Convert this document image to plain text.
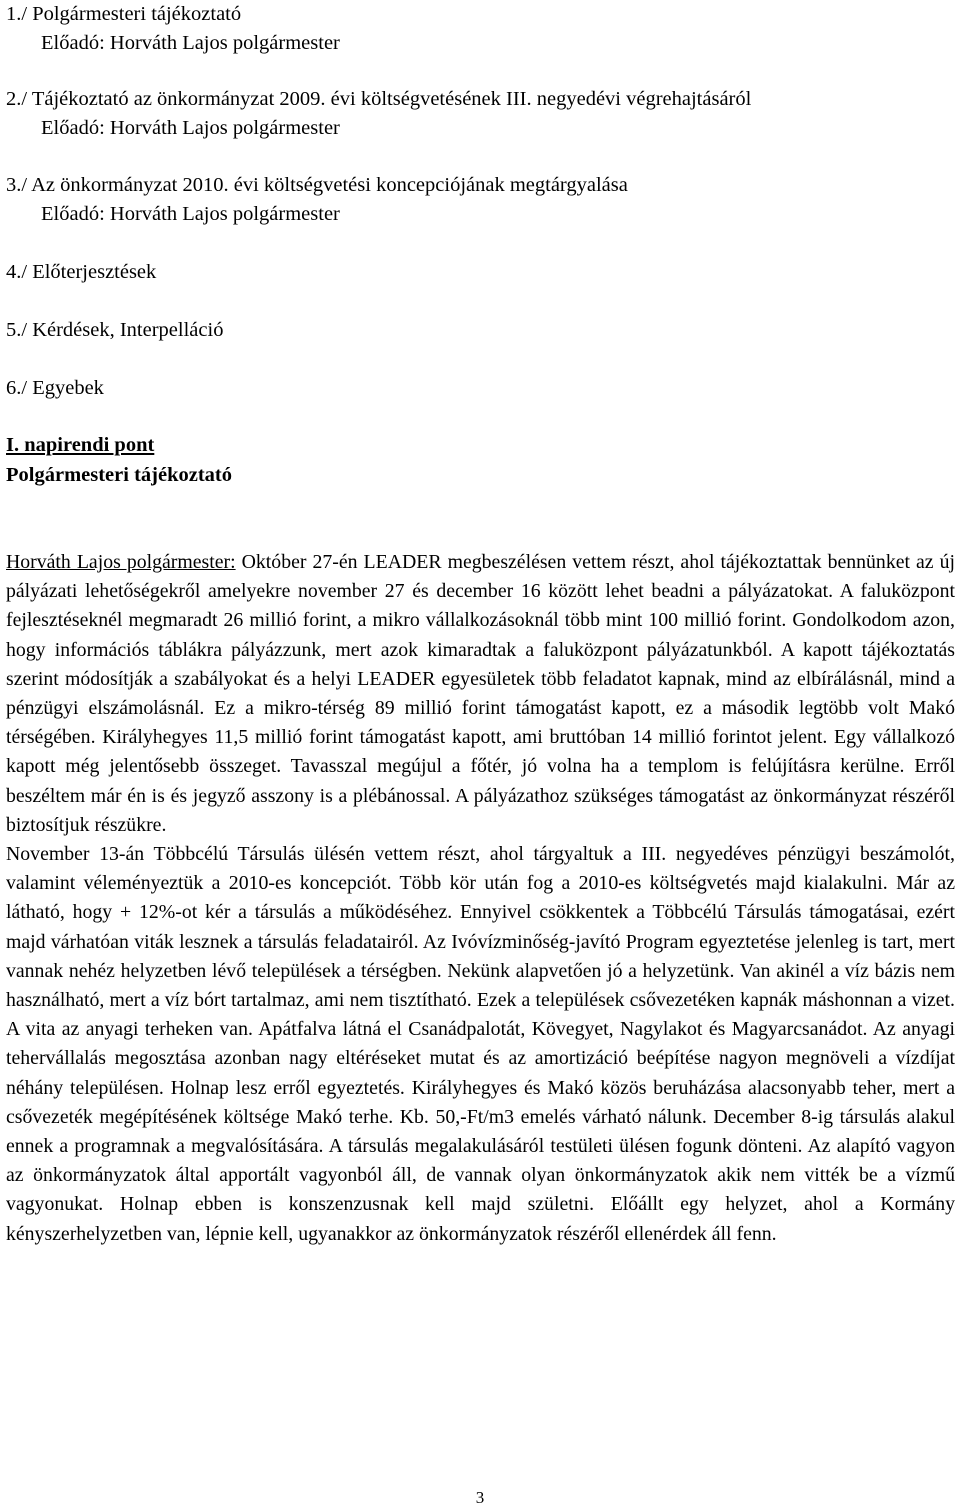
1./ Polgármesteri tájékoztató
Előadó: Horváth Lajos polgármester
2./ Tájékoztató az önkormányzat 2009. évi költségvetésének III. negyedévi végrehajtásáról
Előadó: Horváth Lajos polgármester
3./ Az önkormányzat 2010. évi költségvetési koncepciójának megtárgyalása
Előadó: Horváth Lajos polgármester
4./ Előterjesztések
5./ Kérdések, Interpelláció
6./ Egyebek
I. napirendi pont
Polgármesteri tájékoztató
Horváth Lajos polgármester: Október 27-én LEADER megbeszélésen vettem részt, ahol tájékoztattak bennünket az új pályázati lehetőségekről amelyekre november 27 és december 16 között lehet beadni a pályázatokat. A faluközpont fejlesztéseknél megmaradt 26 millió forint, a mikro vállalkozásoknál több mint 100 millió forint. Gondolkodom azon, hogy információs táblákra pályázzunk, mert azok kimaradtak a faluközpont pályázatunkból. A kapott tájékoztatás szerint módosítják a szabályokat és a helyi LEADER egyesületek több feladatot kapnak, mind az elbírálásnál, mind a pénzügyi elszámolásnál. Ez a mikro-térség 89 millió forint támogatást kapott, ez a második legtöbb volt Makó térségében. Királyhegyes 11,5 millió forint támogatást kapott, ami bruttóban 14 millió forintot jelent. Egy vállalkozó kapott még jelentősebb összeget. Tavasszal megújul a főtér, jó volna ha a templom is felújításra kerülne. Erről beszéltem már én is és jegyző asszony is a plébánossal. A pályázathoz szükséges támogatást az önkormányzat részéről biztosítjuk részükre.
November 13-án Többcélú Társulás ülésén vettem részt, ahol tárgyaltuk a III. negyedéves pénzügyi beszámolót, valamint véleményeztük a 2010-es koncepciót. Több kör után fog a 2010-es költségvetés majd kialakulni. Már az látható, hogy + 12%-ot kér a társulás a működéséhez. Ennyivel csökkentek a Többcélú Társulás támogatásai, ezért majd várhatóan viták lesznek a társulás feladatairól. Az Ivóvízminőség-javító Program egyeztetése jelenleg is tart, mert vannak nehéz helyzetben lévő települések a térségben. Nekünk alapvetően jó a helyzetünk. Van akinél a víz bázis nem használható, mert a víz bórt tartalmaz, ami nem tisztítható. Ezek a települések csővezetéken kapnák máshonnan a vizet. A vita az anyagi terheken van. Apátfalva látná el Csanádpalotát, Kövegyet, Nagylakot és Magyarcsanádot. Az anyagi tehervállalás megosztása azonban nagy eltéréseket mutat és az amortizáció beépítése nagyon megnöveli a vízdíjat néhány településen. Holnap lesz erről egyeztetés. Királyhegyes és Makó közös beruházása alacsonyabb teher, mert a csővezeték megépítésének költsége Makó terhe. Kb. 50,-Ft/m3 emelés várható nálunk. December 8-ig társulás alakul ennek a programnak a megvalósítására. A társulás megalakulásáról testületi ülésen fogunk dönteni. Az alapító vagyon az önkormányzatok által apportált vagyonból áll, de vannak olyan önkormányzatok akik nem vitték be a vízmű vagyonukat. Holnap ebben is konszenzusnak kell majd születni. Előállt egy helyzet, ahol a Kormány kényszerhelyzetben van, lépnie kell, ugyanakkor az önkormányzatok részéről ellenérdek áll fenn.
3
